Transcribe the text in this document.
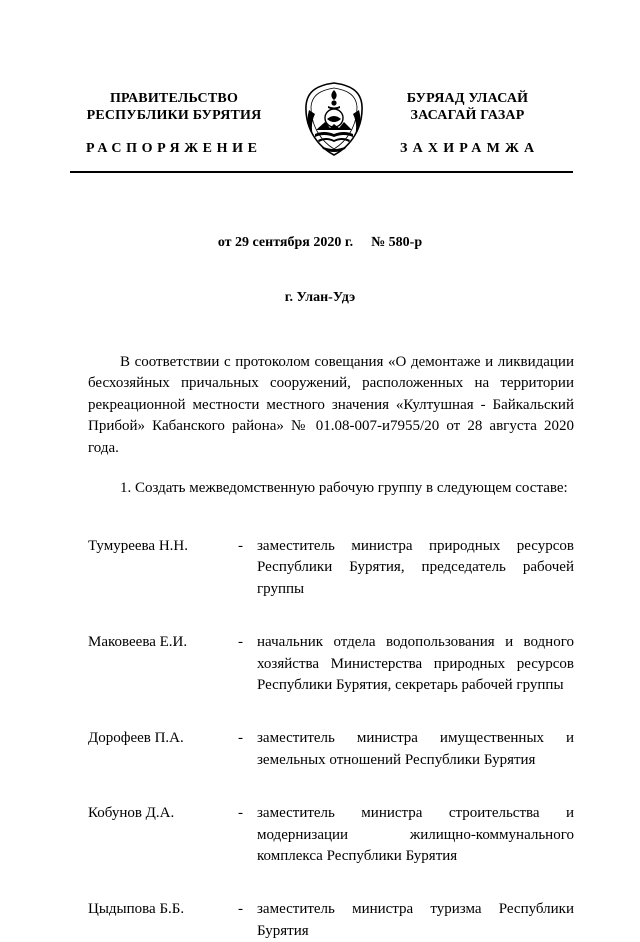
ПРАВИТЕЛЬСТВО
РЕСПУБЛИКИ БУРЯТИЯ
БУРЯАД УЛАСАЙ
ЗАСАГАЙ ГАЗАР
РАСПОРЯЖЕНИЕ	ЗАХИРАМЖА
от 29 сентября 2020 г. № 580-р
г. Улан-Удэ

В соответствии с протоколом совещания «О демонтаже и ликвидации бесхозяйных причальных сооружений, расположенных на территории рекреационной местности местного значения «Култушная - Байкальский Прибой» Кабанского района» № 01.08-007-и7955/20 от 28 августа 2020 года.

1. Создать межведомственную рабочую группу в следующем составе:

Тумуреева Н.Н.	- заместитель министра природных ресурсов Республики Бурятия, председатель рабочей группы
Маковеева Е.И.	- начальник отдела водопользования и водного хозяйства Министерства природных ресурсов Республики Бурятия, секретарь рабочей группы
Дорофеев П.А.	- заместитель министра имущественных и земельных отношений Республики Бурятия
Кобунов Д.А.	- заместитель министра строительства и модернизации жилищно-коммунального комплекса Республики Бурятия
Цыдыпова Б.Б.	- заместитель министра туризма Республики Бурятия
